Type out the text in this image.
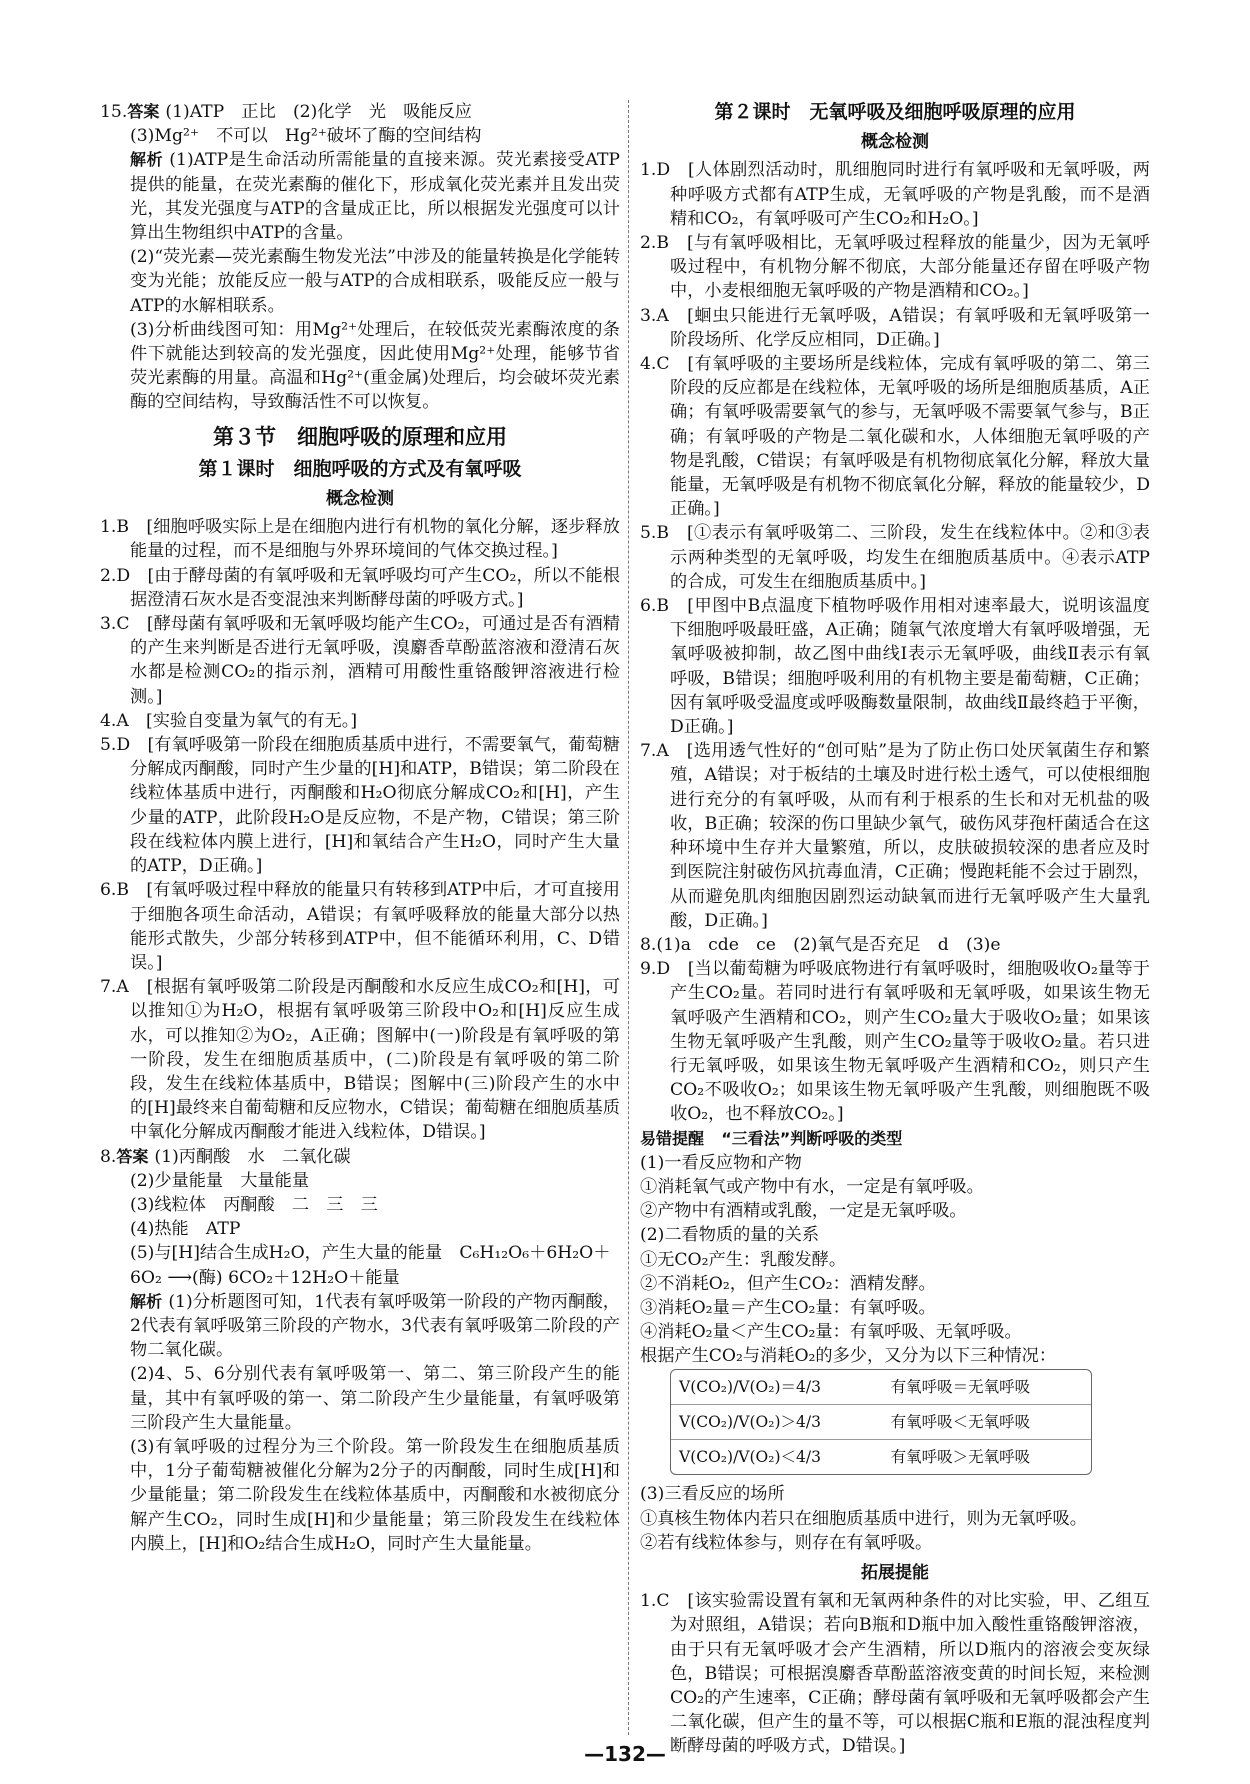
15.答案 (1)ATP　正比　(2)化学　光　吸能反应

(3)Mg²⁺　不可以　Hg²⁺破坏了酶的空间结构

解析 (1)ATP是生命活动所需能量的直接来源。荧光素接受ATP提供的能量，在荧光素酶的催化下，形成氧化荧光素并且发出荧光，其发光强度与ATP的含量成正比，所以根据发光强度可以计算出生物组织中ATP的含量。

(2)“荧光素—荧光素酶生物发光法”中涉及的能量转换是化学能转变为光能；放能反应一般与ATP的合成相联系，吸能反应一般与ATP的水解相联系。

(3)分析曲线图可知：用Mg²⁺处理后，在较低荧光素酶浓度的条件下就能达到较高的发光强度，因此使用Mg²⁺处理，能够节省荧光素酶的用量。高温和Hg²⁺(重金属)处理后，均会破坏荧光素酶的空间结构，导致酶活性不可以恢复。

第３节　细胞呼吸的原理和应用
第１课时　细胞呼吸的方式及有氧呼吸
概念检测

1.B　[细胞呼吸实际上是在细胞内进行有机物的氧化分解，逐步释放能量的过程，而不是细胞与外界环境间的气体交换过程。]

2.D　[由于酵母菌的有氧呼吸和无氧呼吸均可产生CO₂，所以不能根据澄清石灰水是否变混浊来判断酵母菌的呼吸方式。]

3.C　[酵母菌有氧呼吸和无氧呼吸均能产生CO₂，可通过是否有酒精的产生来判断是否进行无氧呼吸，溴麝香草酚蓝溶液和澄清石灰水都是检测CO₂的指示剂，酒精可用酸性重铬酸钾溶液进行检测。]

4.A　[实验自变量为氧气的有无。]

5.D　[有氧呼吸第一阶段在细胞质基质中进行，不需要氧气，葡萄糖分解成丙酮酸，同时产生少量的[H]和ATP，B错误；第二阶段在线粒体基质中进行，丙酮酸和H₂O彻底分解成CO₂和[H]，产生少量的ATP，此阶段H₂O是反应物，不是产物，C错误；第三阶段在线粒体内膜上进行，[H]和氧结合产生H₂O，同时产生大量的ATP，D正确。]

6.B　[有氧呼吸过程中释放的能量只有转移到ATP中后，才可直接用于细胞各项生命活动，A错误；有氧呼吸释放的能量大部分以热能形式散失，少部分转移到ATP中，但不能循环利用，C、D错误。]

7.A　[根据有氧呼吸第二阶段是丙酮酸和水反应生成CO₂和[H]，可以推知①为H₂O，根据有氧呼吸第三阶段中O₂和[H]反应生成水，可以推知②为O₂，A正确；图解中(一)阶段是有氧呼吸的第一阶段，发生在细胞质基质中，(二)阶段是有氧呼吸的第二阶段，发生在线粒体基质中，B错误；图解中(三)阶段产生的水中的[H]最终来自葡萄糖和反应物水，C错误；葡萄糖在细胞质基质中氧化分解成丙酮酸才能进入线粒体，D错误。]

8.答案 (1)丙酮酸　水　二氧化碳

(2)少量能量　大量能量

(3)线粒体　丙酮酸　二　三　三

(4)热能　ATP

(5)与[H]结合生成H₂O，产生大量的能量　C₆H₁₂O₆＋6H₂O＋

6O₂ ⟶(酶) 6CO₂＋12H₂O＋能量

解析 (1)分析题图可知，1代表有氧呼吸第一阶段的产物丙酮酸，2代表有氧呼吸第三阶段的产物水，3代表有氧呼吸第二阶段的产物二氧化碳。

(2)4、5、6分别代表有氧呼吸第一、第二、第三阶段产生的能量，其中有氧呼吸的第一、第二阶段产生少量能量，有氧呼吸第三阶段产生大量能量。

(3)有氧呼吸的过程分为三个阶段。第一阶段发生在细胞质基质中，1分子葡萄糖被催化分解为2分子的丙酮酸，同时生成[H]和少量能量；第二阶段发生在线粒体基质中，丙酮酸和水被彻底分解产生CO₂，同时生成[H]和少量能量；第三阶段发生在线粒体内膜上，[H]和O₂结合生成H₂O，同时产生大量能量。

第２课时　无氧呼吸及细胞呼吸原理的应用
概念检测

1.D　[人体剧烈活动时，肌细胞同时进行有氧呼吸和无氧呼吸，两种呼吸方式都有ATP生成，无氧呼吸的产物是乳酸，而不是酒精和CO₂，有氧呼吸可产生CO₂和H₂O。]

2.B　[与有氧呼吸相比，无氧呼吸过程释放的能量少，因为无氧呼吸过程中，有机物分解不彻底，大部分能量还存留在呼吸产物中，小麦根细胞无氧呼吸的产物是酒精和CO₂。]

3.A　[蛔虫只能进行无氧呼吸，A错误；有氧呼吸和无氧呼吸第一阶段场所、化学反应相同，D正确。]

4.C　[有氧呼吸的主要场所是线粒体，完成有氧呼吸的第二、第三阶段的反应都是在线粒体，无氧呼吸的场所是细胞质基质，A正确；有氧呼吸需要氧气的参与，无氧呼吸不需要氧气参与，B正确；有氧呼吸的产物是二氧化碳和水，人体细胞无氧呼吸的产物是乳酸，C错误；有氧呼吸是有机物彻底氧化分解，释放大量能量，无氧呼吸是有机物不彻底氧化分解，释放的能量较少，D正确。]

5.B　[①表示有氧呼吸第二、三阶段，发生在线粒体中。②和③表示两种类型的无氧呼吸，均发生在细胞质基质中。④表示ATP的合成，可发生在细胞质基质中。]

6.B　[甲图中B点温度下植物呼吸作用相对速率最大，说明该温度下细胞呼吸最旺盛，A正确；随氧气浓度增大有氧呼吸增强，无氧呼吸被抑制，故乙图中曲线Ⅰ表示无氧呼吸，曲线Ⅱ表示有氧呼吸，B错误；细胞呼吸利用的有机物主要是葡萄糖，C正确；因有氧呼吸受温度或呼吸酶数量限制，故曲线Ⅱ最终趋于平衡，D正确。]

7.A　[选用透气性好的“创可贴”是为了防止伤口处厌氧菌生存和繁殖，A错误；对于板结的土壤及时进行松土透气，可以使根细胞进行充分的有氧呼吸，从而有利于根系的生长和对无机盐的吸收，B正确；较深的伤口里缺少氧气，破伤风芽孢杆菌适合在这种环境中生存并大量繁殖，所以，皮肤破损较深的患者应及时到医院注射破伤风抗毒血清，C正确；慢跑耗能不会过于剧烈，从而避免肌肉细胞因剧烈运动缺氧而进行无氧呼吸产生大量乳酸，D正确。]

8.(1)a　cde　ce　(2)氧气是否充足　d　(3)e

9.D　[当以葡萄糖为呼吸底物进行有氧呼吸时，细胞吸收O₂量等于产生CO₂量。若同时进行有氧呼吸和无氧呼吸，如果该生物无氧呼吸产生酒精和CO₂，则产生CO₂量大于吸收O₂量；如果该生物无氧呼吸产生乳酸，则产生CO₂量等于吸收O₂量。若只进行无氧呼吸，如果该生物无氧呼吸产生酒精和CO₂，则只产生CO₂不吸收O₂；如果该生物无氧呼吸产生乳酸，则细胞既不吸收O₂，也不释放CO₂。]

易错提醒　 “三看法”判断呼吸的类型

(1)一看反应物和产物

①消耗氧气或产物中有水，一定是有氧呼吸。

②产物中有酒精或乳酸，一定是无氧呼吸。

(2)二看物质的量的关系

①无CO₂产生：乳酸发酵。

②不消耗O₂，但产生CO₂：酒精发酵。

③消耗O₂量＝产生CO₂量：有氧呼吸。

④消耗O₂量＜产生CO₂量：有氧呼吸、无氧呼吸。

根据产生CO₂与消耗O₂的多少，又分为以下三种情况：

V(CO₂)/V(O₂)＝4/3	有氧呼吸＝无氧呼吸
V(CO₂)/V(O₂)＞4/3	有氧呼吸＜无氧呼吸
V(CO₂)/V(O₂)＜4/3	有氧呼吸＞无氧呼吸

(3)三看反应的场所

①真核生物体内若只在细胞质基质中进行，则为无氧呼吸。

②若有线粒体参与，则存在有氧呼吸。

拓展提能

1.C　[该实验需设置有氧和无氧两种条件的对比实验，甲、乙组互为对照组，A错误；若向B瓶和D瓶中加入酸性重铬酸钾溶液，由于只有无氧呼吸才会产生酒精，所以D瓶内的溶液会变灰绿色，B错误；可根据溴麝香草酚蓝溶液变黄的时间长短，来检测CO₂的产生速率，C正确；酵母菌有氧呼吸和无氧呼吸都会产生二氧化碳，但产生的量不等，可以根据C瓶和E瓶的混浊程度判断酵母菌的呼吸方式，D错误。]

—132—
